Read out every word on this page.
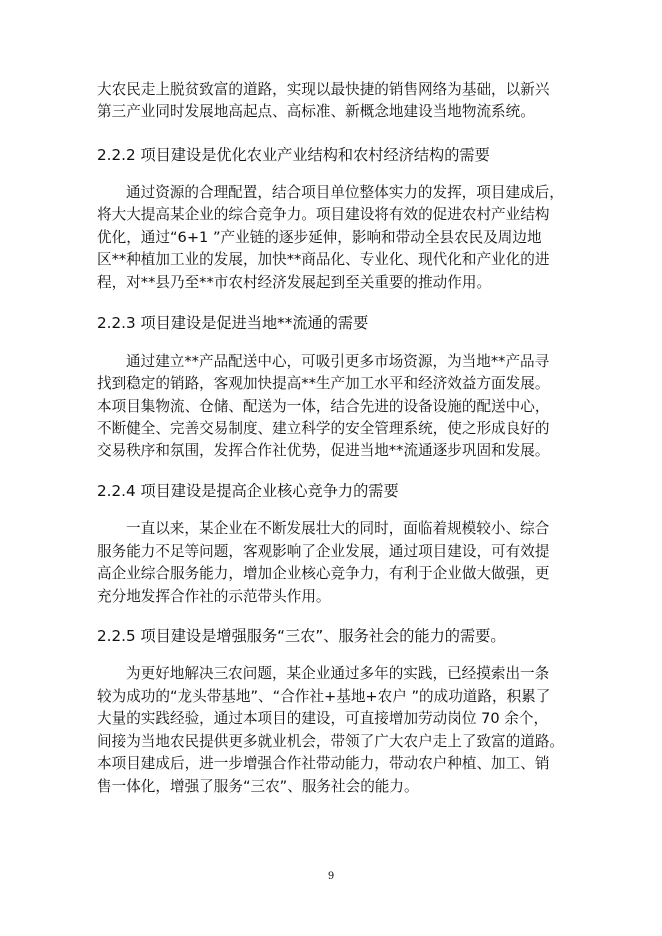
大农民走上脱贫致富的道路，实现以最快捷的销售网络为基础，以新兴
第三产业同时发展地高起点、高标准、新概念地建设当地物流系统。
2.2.2 项目建设是优化农业产业结构和农村经济结构的需要
通过资源的合理配置，结合项目单位整体实力的发挥，项目建成后，
将大大提高某企业的综合竞争力。项目建设将有效的促进农村产业结构
优化，通过“6+1 ”产业链的逐步延伸，影响和带动全县农民及周边地
区**种植加工业的发展，加快**商品化、专业化、现代化和产业化的进
程，对**县乃至**市农村经济发展起到至关重要的推动作用。
2.2.3 项目建设是促进当地**流通的需要
通过建立**产品配送中心，可吸引更多市场资源，为当地**产品寻
找到稳定的销路，客观加快提高**生产加工水平和经济效益方面发展。
本项目集物流、仓储、配送为一体，结合先进的设备设施的配送中心，
不断健全、完善交易制度、建立科学的安全管理系统，使之形成良好的
交易秩序和氛围，发挥合作社优势，促进当地**流通逐步巩固和发展。
2.2.4 项目建设是提高企业核心竞争力的需要
一直以来，某企业在不断发展壮大的同时，面临着规模较小、综合
服务能力不足等问题，客观影响了企业发展，通过项目建设，可有效提
高企业综合服务能力，增加企业核心竞争力，有利于企业做大做强，更
充分地发挥合作社的示范带头作用。
2.2.5 项目建设是增强服务“三农”、服务社会的能力的需要。
为更好地解决三农问题，某企业通过多年的实践，已经摸索出一条
较为成功的“龙头带基地”、“合作社+基地+农户 ”的成功道路，积累了
大量的实践经验，通过本项目的建设，可直接增加劳动岗位 70 余个，
间接为当地农民提供更多就业机会，带领了广大农户走上了致富的道路。
本项目建成后，进一步增强合作社带动能力，带动农户种植、加工、销
售一体化，增强了服务“三农”、服务社会的能力。
9
